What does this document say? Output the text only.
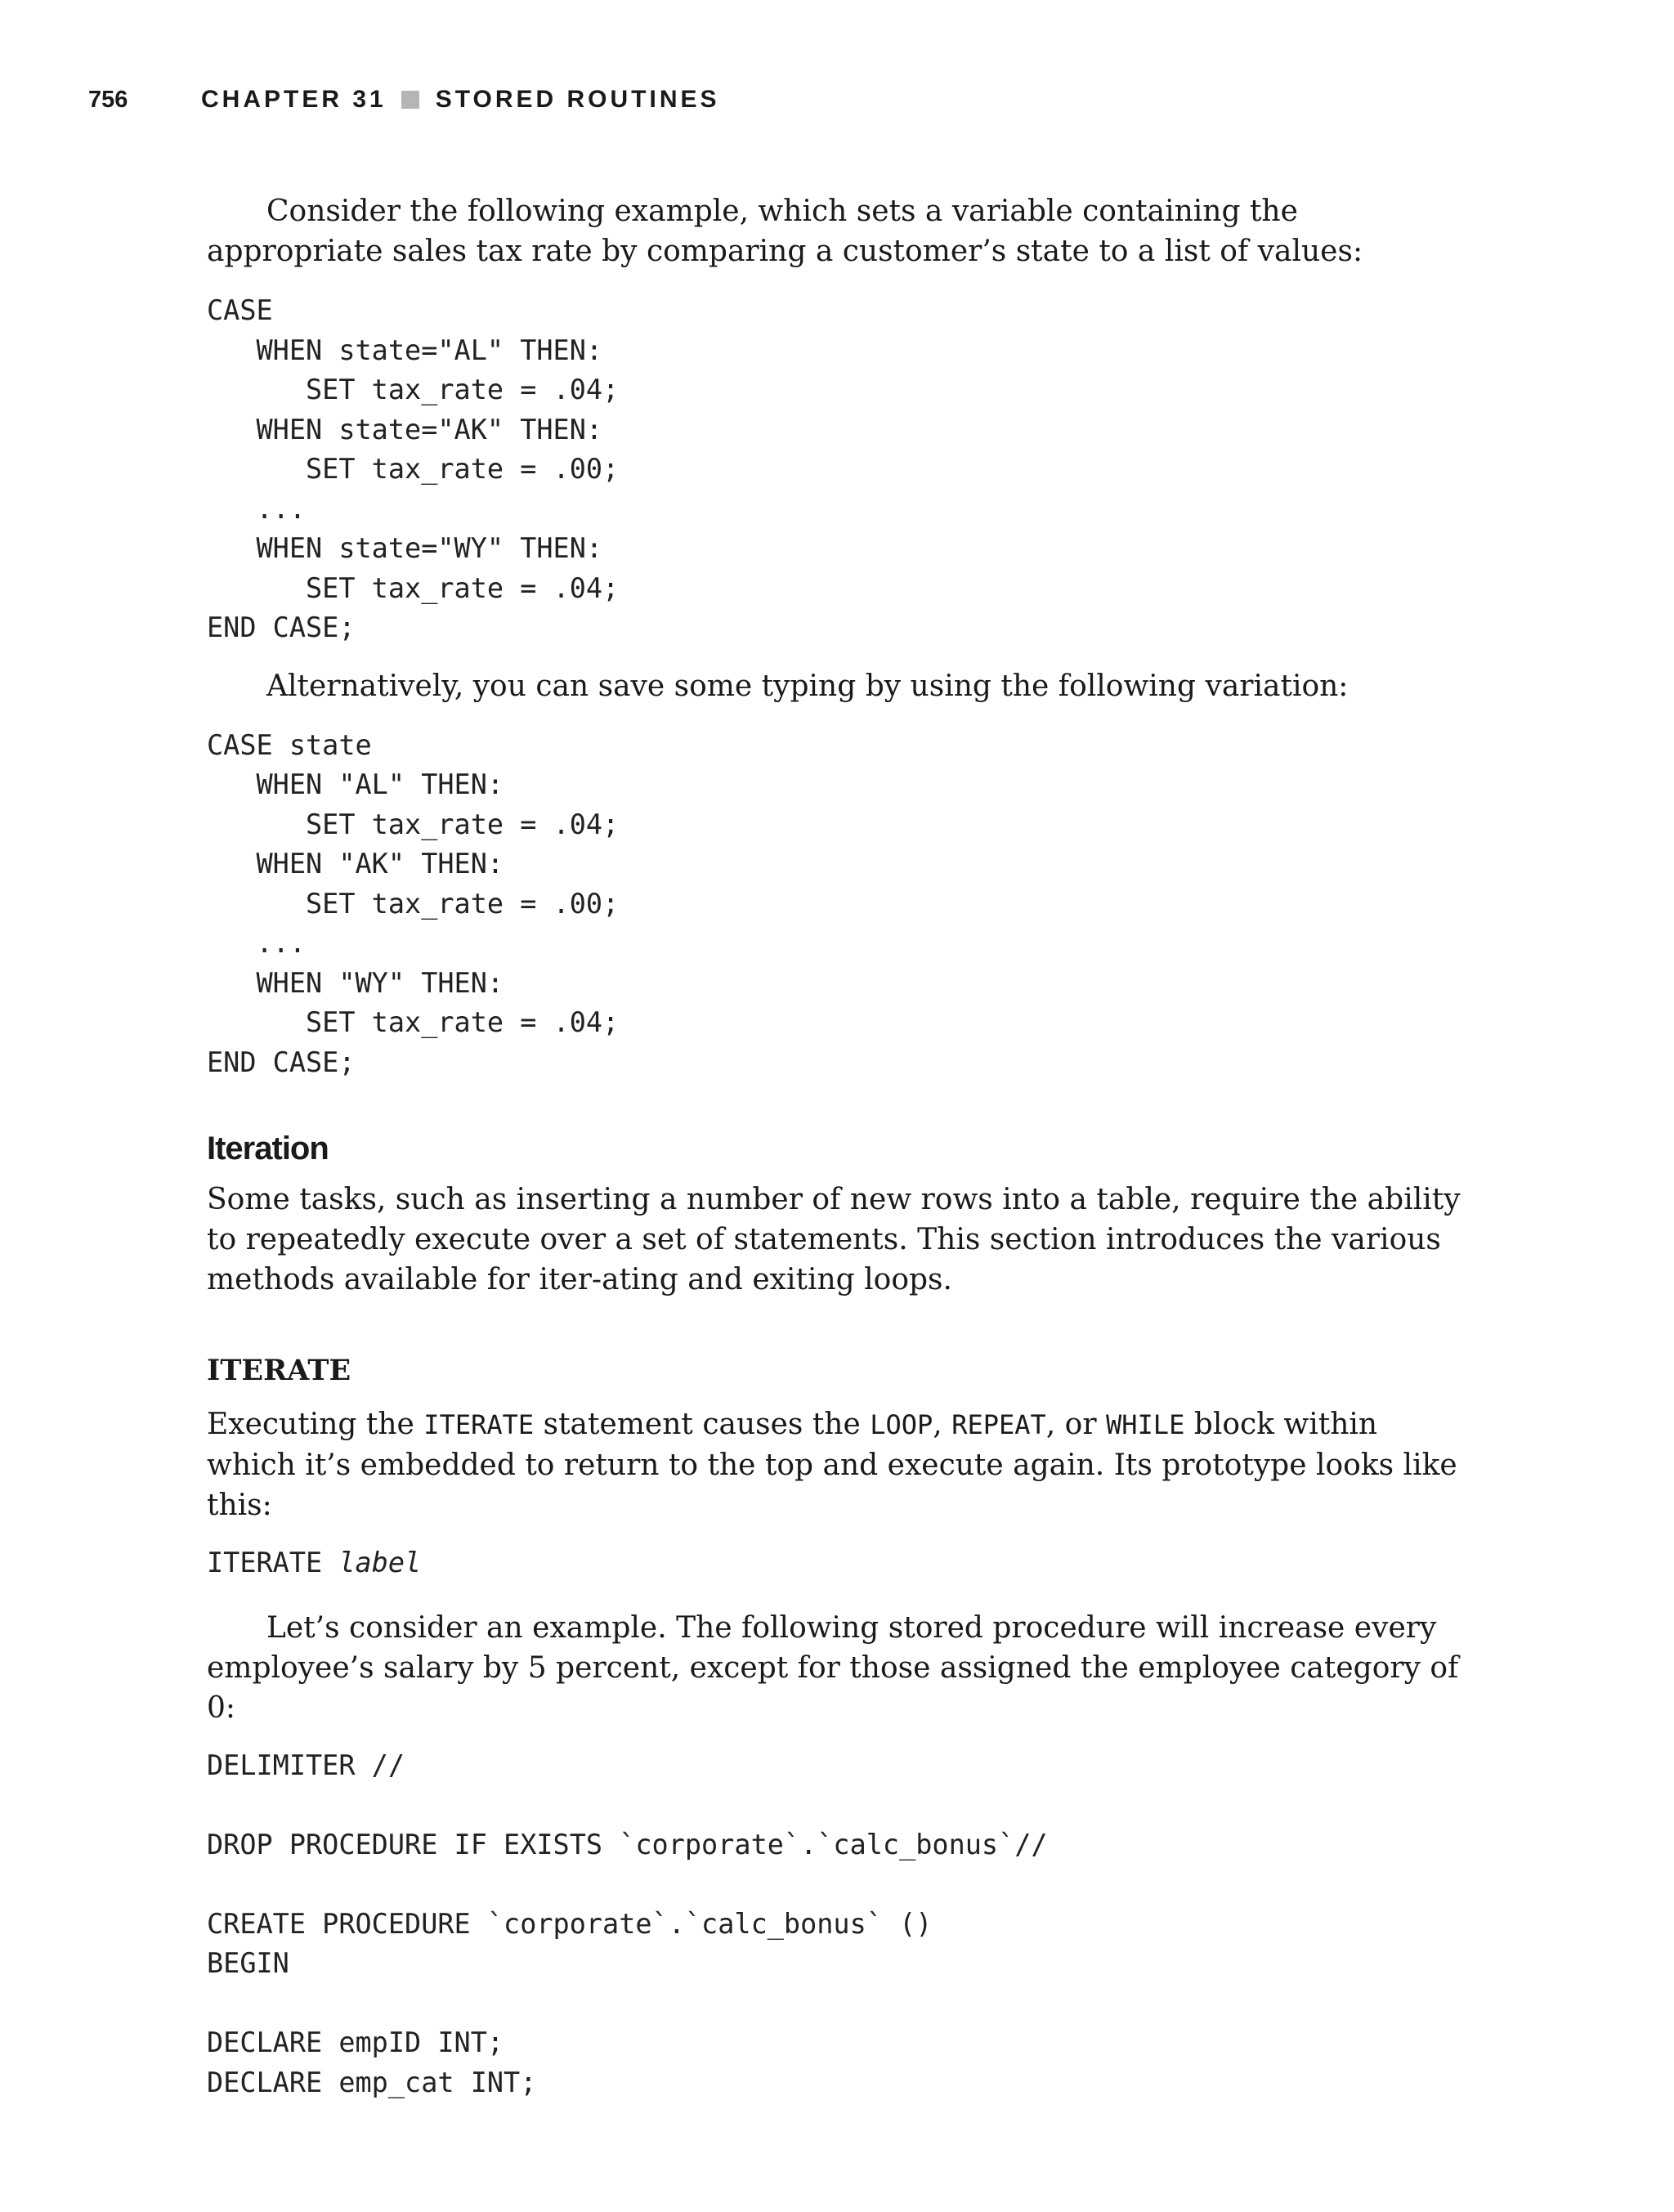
756	CHAPTER 31 STORED ROUTINES

Consider the following example, which sets a variable containing the appropriate sales tax rate by comparing a customer’s state to a list of values:

CASE
WHEN state="AL" THEN:
SET tax_rate = .04;
WHEN state="AK" THEN:
SET tax_rate = .00;
...
WHEN state="WY" THEN:
SET tax_rate = .04;
END CASE;

Alternatively, you can save some typing by using the following variation:

CASE state
WHEN "AL" THEN:
SET tax_rate = .04;
WHEN "AK" THEN:
SET tax_rate = .00;
...
WHEN "WY" THEN:
SET tax_rate = .04;
END CASE;
Iteration

Some tasks, such as inserting a number of new rows into a table, require the ability to repeatedly execute over a set of statements. This section introduces the various methods available for iter-ating and exiting loops.

ITERATE

Executing the ITERATE statement causes the LOOP, REPEAT, or WHILE block within which it’s embedded to return to the top and execute again. Its prototype looks like this:

ITERATE label

Let’s consider an example. The following stored procedure will increase every employee’s salary by 5 percent, except for those assigned the employee category of 0:

DELIMITER //

DROP PROCEDURE IF EXISTS `corporate`.`calc_bonus`//

CREATE PROCEDURE `corporate`.`calc_bonus` ()
BEGIN

DECLARE empID INT;
DECLARE emp_cat INT;
